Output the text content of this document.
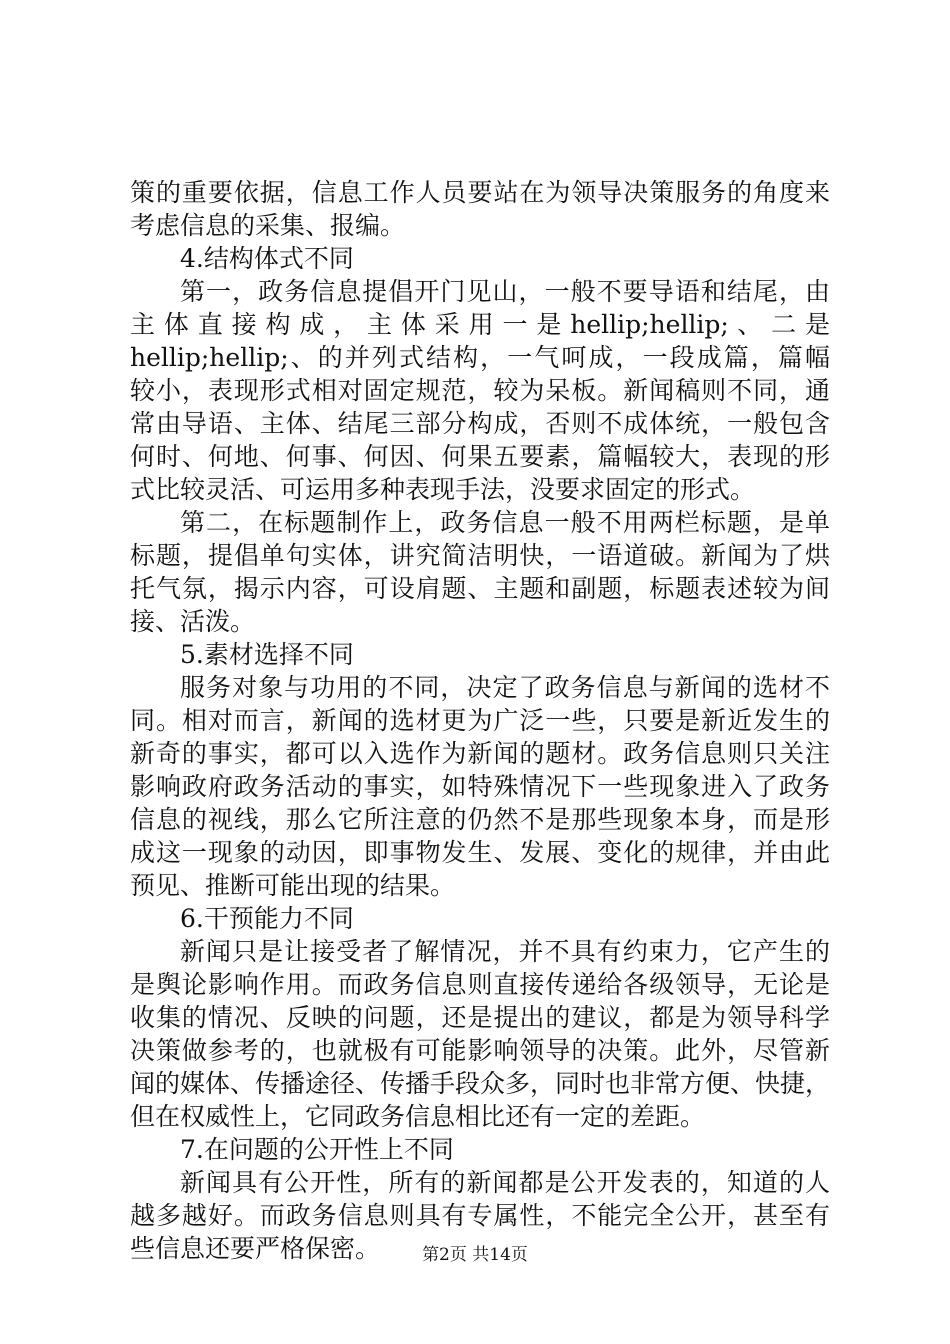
策的重要依据，信息工作人员要站在为领导决策服务的角度来
考虑信息的采集、报编。
4.结构体式不同
第一，政务信息提倡开门见山，一般不要导语和结尾，由
主 体 直 接 构 成 ， 主 体 采 用 一 是 hellip;hellip; 、 二 是
hellip;hellip;、的并列式结构，一气呵成，一段成篇，篇幅
较小，表现形式相对固定规范，较为呆板。新闻稿则不同，通
常由导语、主体、结尾三部分构成，否则不成体统，一般包含
何时、何地、何事、何因、何果五要素，篇幅较大，表现的形
式比较灵活、可运用多种表现手法，没要求固定的形式。
第二，在标题制作上，政务信息一般不用两栏标题，是单
标题，提倡单句实体，讲究简洁明快，一语道破。新闻为了烘
托气氛，揭示内容，可设肩题、主题和副题，标题表述较为间
接、活泼。
5.素材选择不同
服务对象与功用的不同，决定了政务信息与新闻的选材不
同。相对而言，新闻的选材更为广泛一些，只要是新近发生的
新奇的事实，都可以入选作为新闻的题材。政务信息则只关注
影响政府政务活动的事实，如特殊情况下一些现象进入了政务
信息的视线，那么它所注意的仍然不是那些现象本身，而是形
成这一现象的动因，即事物发生、发展、变化的规律，并由此
预见、推断可能出现的结果。
6.干预能力不同
新闻只是让接受者了解情况，并不具有约束力，它产生的
是舆论影响作用。而政务信息则直接传递给各级领导，无论是
收集的情况、反映的问题，还是提出的建议，都是为领导科学
决策做参考的，也就极有可能影响领导的决策。此外，尽管新
闻的媒体、传播途径、传播手段众多，同时也非常方便、快捷，
但在权威性上，它同政务信息相比还有一定的差距。
7.在问题的公开性上不同
新闻具有公开性，所有的新闻都是公开发表的，知道的人
越多越好。而政务信息则具有专属性，不能完全公开，甚至有
些信息还要严格保密。	第2页 共14页
